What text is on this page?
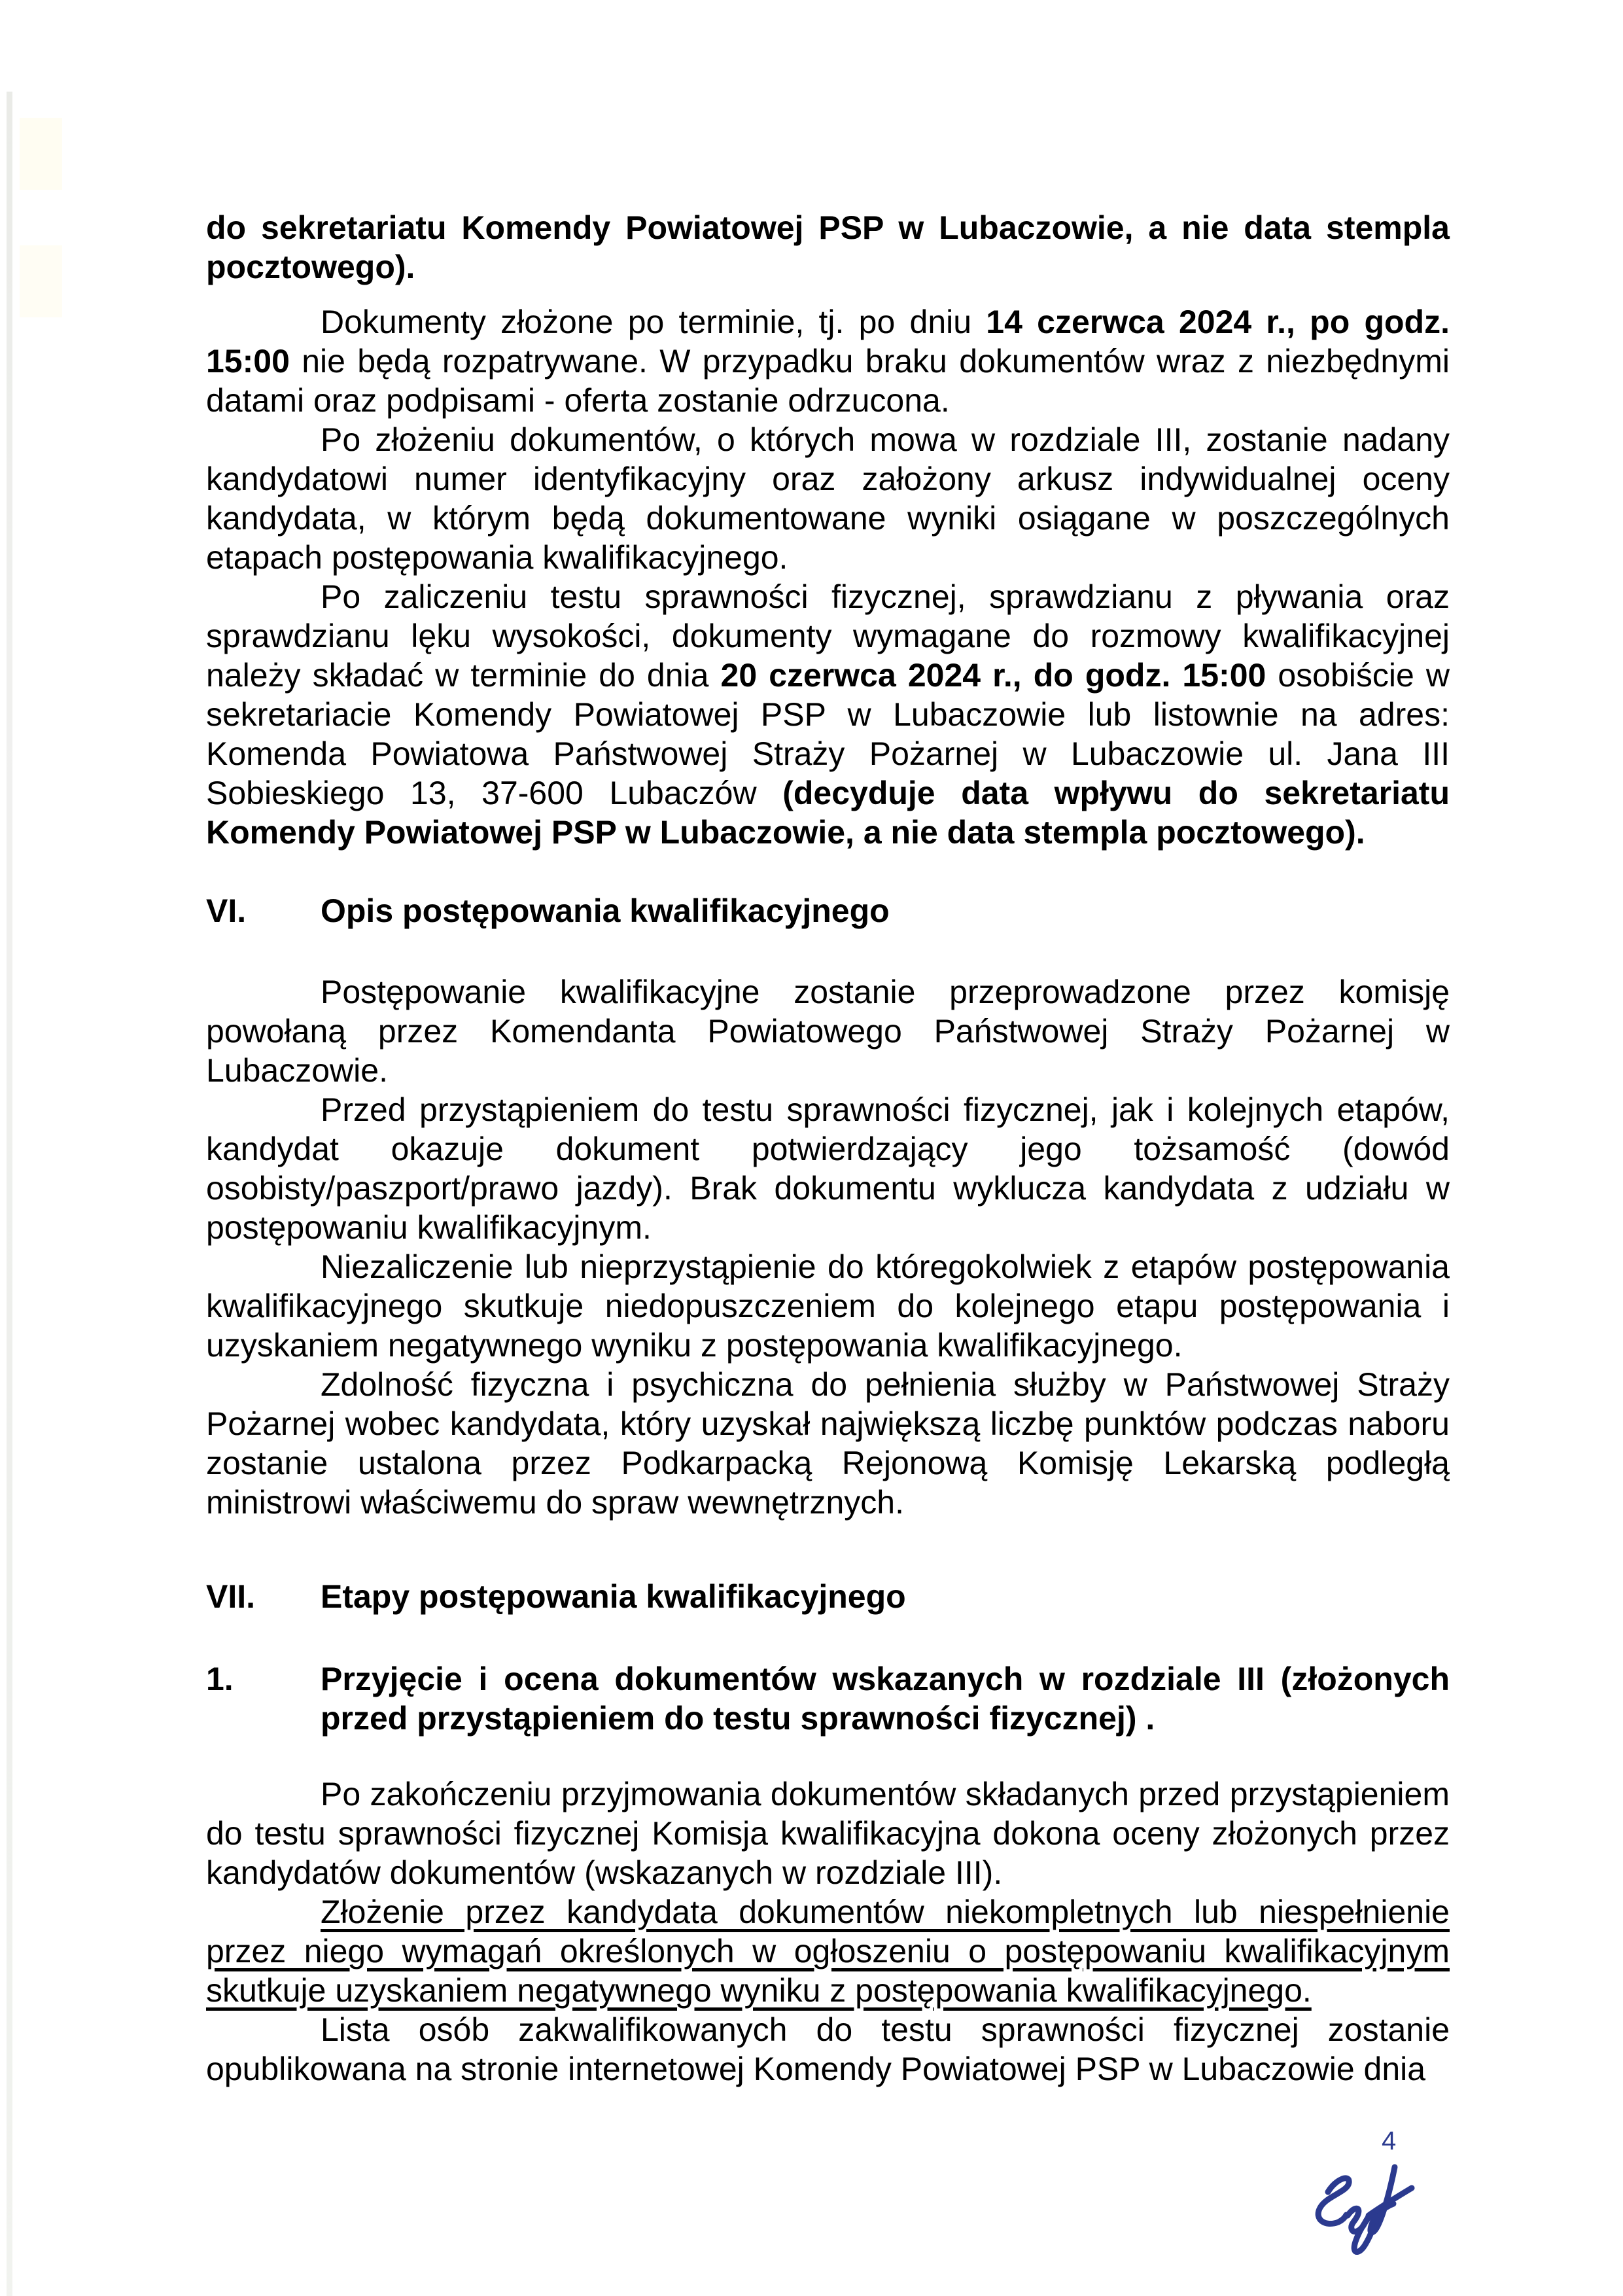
do sekretariatu Komendy Powiatowej PSP w Lubaczowie, a nie data stempla pocztowego).

Dokumenty złożone po terminie, tj. po dniu 14 czerwca 2024 r., po godz. 15:00 nie będą rozpatrywane. W przypadku braku dokumentów wraz z niezbędnymi datami oraz podpisami - oferta zostanie odrzucona.

Po złożeniu dokumentów, o których mowa w rozdziale III, zostanie nadany kandydatowi numer identyfikacyjny oraz założony arkusz indywidualnej oceny kandydata, w którym będą dokumentowane wyniki osiągane w poszczególnych etapach postępowania kwalifikacyjnego.

Po zaliczeniu testu sprawności fizycznej, sprawdzianu z pływania oraz sprawdzianu lęku wysokości, dokumenty wymagane do rozmowy kwalifikacyjnej należy składać w terminie do dnia 20 czerwca 2024 r., do godz. 15:00 osobiście w sekretariacie Komendy Powiatowej PSP w Lubaczowie lub listownie na adres: Komenda Powiatowa Państwowej Straży Pożarnej w Lubaczowie ul. Jana III Sobieskiego 13, 37-600 Lubaczów (decyduje data wpływu do sekretariatu Komendy Powiatowej PSP w Lubaczowie, a nie data stempla pocztowego).

VI. Opis postępowania kwalifikacyjnego

Postępowanie kwalifikacyjne zostanie przeprowadzone przez komisję powołaną przez Komendanta Powiatowego Państwowej Straży Pożarnej w Lubaczowie.

Przed przystąpieniem do testu sprawności fizycznej, jak i kolejnych etapów, kandydat okazuje dokument potwierdzający jego tożsamość (dowód osobisty/paszport/prawo jazdy). Brak dokumentu wyklucza kandydata z udziału w postępowaniu kwalifikacyjnym.

Niezaliczenie lub nieprzystąpienie do któregokolwiek z etapów postępowania kwalifikacyjnego skutkuje niedopuszczeniem do kolejnego etapu postępowania i uzyskaniem negatywnego wyniku z postępowania kwalifikacyjnego.

Zdolność fizyczna i psychiczna do pełnienia służby w Państwowej Straży Pożarnej wobec kandydata, który uzyskał największą liczbę punktów podczas naboru zostanie ustalona przez Podkarpacką Rejonową Komisję Lekarską podległą ministrowi właściwemu do spraw wewnętrznych.

VII. Etapy postępowania kwalifikacyjnego

1.	Przyjęcie i ocena dokumentów wskazanych w rozdziale III (złożonych przed przystąpieniem do testu sprawności fizycznej) .

Po zakończeniu przyjmowania dokumentów składanych przed przystąpieniem do testu sprawności fizycznej Komisja kwalifikacyjna dokona oceny złożonych przez kandydatów dokumentów (wskazanych w rozdziale III).

Złożenie przez kandydata dokumentów niekompletnych lub niespełnienie przez niego wymagań określonych w ogłoszeniu o postępowaniu kwalifikacyjnym skutkuje uzyskaniem negatywnego wyniku z postępowania kwalifikacyjnego.

Lista osób zakwalifikowanych do testu sprawności fizycznej zostanie opublikowana na stronie internetowej Komendy Powiatowej PSP w Lubaczowie dnia

4
